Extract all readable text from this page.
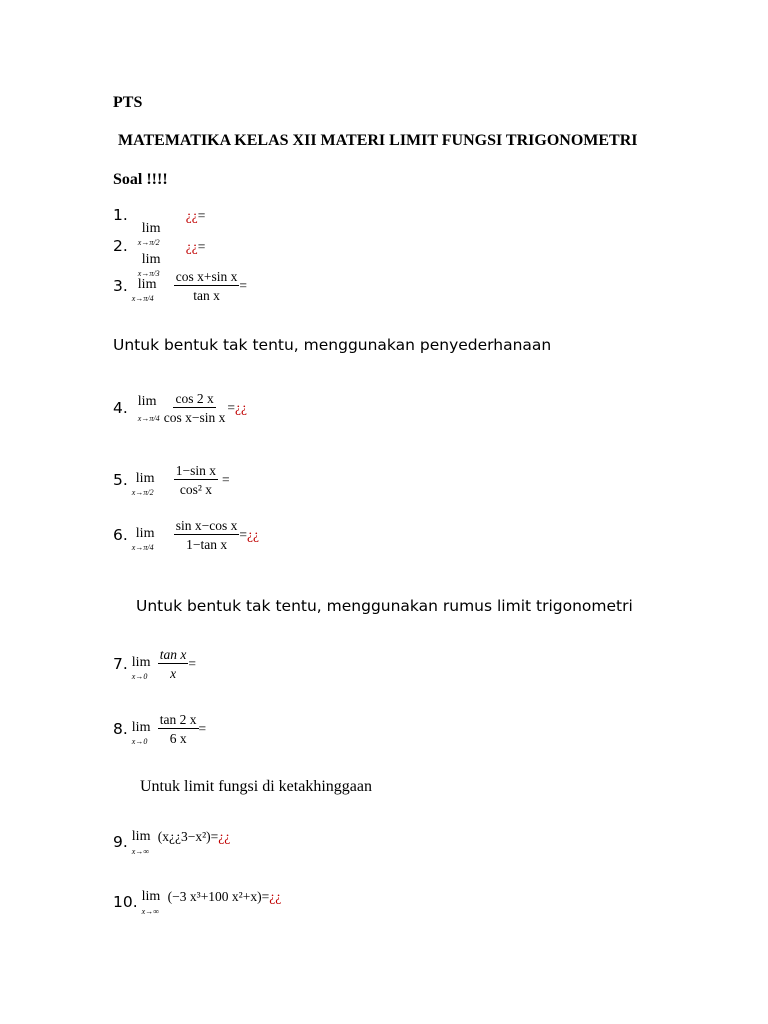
PTS
MATEMATIKA KELAS XII MATERI LIMIT FUNGSI TRIGONOMETRI
Soal !!!!
1.
lim
x→π/2
¿¿=
2.
lim
x→π/3
¿¿=
3. lim
$x\to\pi/4 \frac{\text{cos x+sin x}}{\text{tan x}}$ =
Untuk bentuk tak tentu, menggunakan penyederhanaan
4. lim
$x\to\pi/4 \frac{\cos 2 x}{\text{cos x−sin x}}$ = ¿¿
5. lim
$x\to\pi/2 \frac{\text{1−sin x}}{\text{cos² x}}$ =
6. lim
$x\to\pi/4 \frac{\text{sin x−cos x}}{\text{1−tan x}}$ = ¿¿
Untuk bentuk tak tentu, menggunakan rumus limit trigonometri
7. lim
$x\to 0 \frac{\text{tan x}}{x}$ =
8. lim
$x\to 0 \frac{\tan 2 x}{6 x}$ =
Untuk limit fungsi di ketakhinggaan
9. lim
x→∞
(x¿¿3−x²)= ¿¿
10. lim
x→∞
(−3 x³+100 x²+x)= ¿¿
